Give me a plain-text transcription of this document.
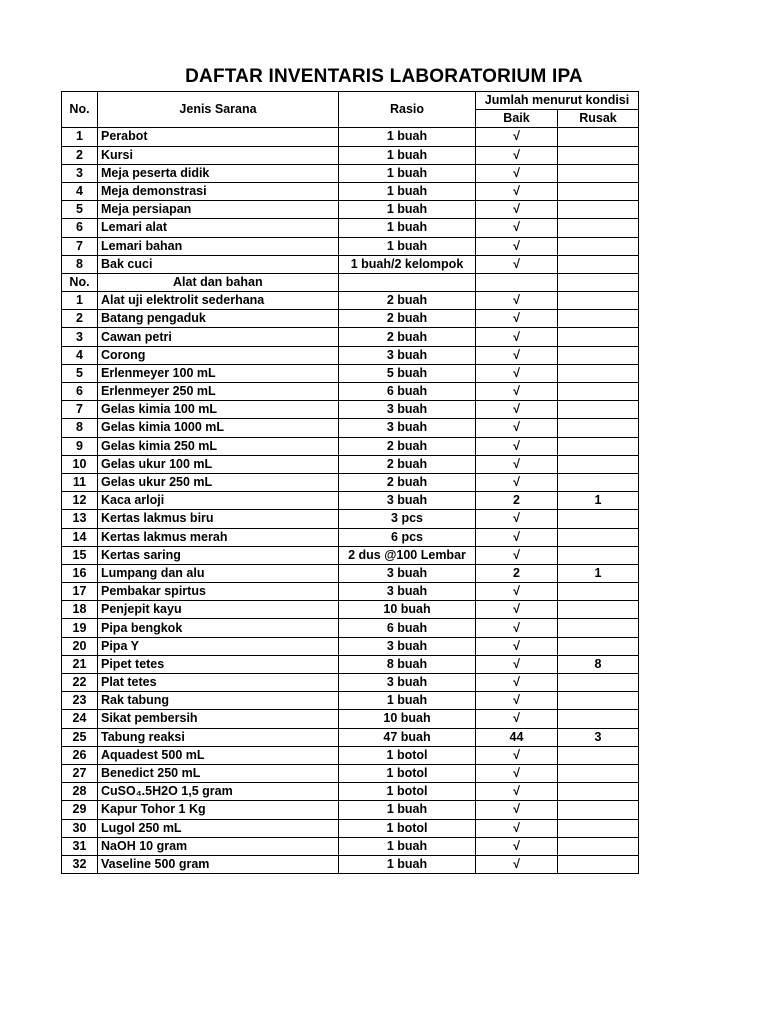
DAFTAR INVENTARIS LABORATORIUM IPA
No.	Jenis Sarana	Rasio	Jumlah menurut kondisi	
			Baik	Rusak
1	Perabot	1 buah	√	
2	Kursi	1 buah	√	
3	Meja peserta didik	1 buah	√	
4	Meja demonstrasi	1 buah	√	
5	Meja persiapan	1 buah	√	
6	Lemari alat	1 buah	√	
7	Lemari bahan	1 buah	√	
8	Bak cuci	1 buah/2 kelompok	√	
No.	Alat dan bahan			
1	Alat uji elektrolit sederhana	2 buah	√	
2	Batang pengaduk	2 buah	√	
3	Cawan petri	2 buah	√	
4	Corong	3 buah	√	
5	Erlenmeyer 100 mL	5 buah	√	
6	Erlenmeyer 250 mL	6 buah	√	
7	Gelas kimia 100 mL	3 buah	√	
8	Gelas kimia 1000 mL	3 buah	√	
9	Gelas kimia 250 mL	2 buah	√	
10	Gelas ukur 100 mL	2 buah	√	
11	Gelas ukur 250 mL	2 buah	√	
12	Kaca arloji	3 buah	2	1
13	Kertas lakmus biru	3 pcs	√	
14	Kertas lakmus merah	6 pcs	√	
15	Kertas saring	2 dus @100 Lembar	√	
16	Lumpang dan alu	3 buah	2	1
17	Pembakar spirtus	3 buah	√	
18	Penjepit kayu	10 buah	√	
19	Pipa bengkok	6 buah	√	
20	Pipa Y	3 buah	√	
21	Pipet tetes	8 buah	√	8
22	Plat tetes	3 buah	√	
23	Rak tabung	1 buah	√	
24	Sikat pembersih	10 buah	√	
25	Tabung reaksi	47 buah	44	3
26	Aquadest 500 mL	1 botol	√	
27	Benedict 250 mL	1 botol	√	
28	CuSO₄.5H2O 1,5 gram	1 botol	√	
29	Kapur Tohor 1 Kg	1 buah	√	
30	Lugol 250 mL	1 botol	√	
31	NaOH 10 gram	1 buah	√	
32	Vaseline 500 gram	1 buah	√	
